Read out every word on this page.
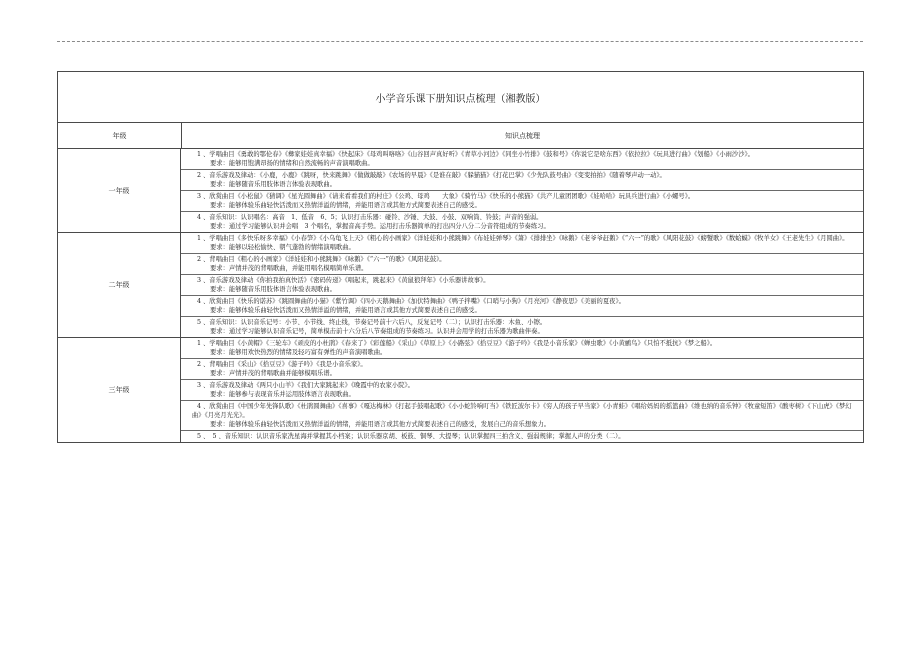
小学音乐课下册知识点梳理（湘教版）
年级	知识点梳理
一年级

1 、学唱曲目《勇敢的鄂伦春》《彝家娃娃真幸福》《快起床》《母鸡叫咯咯》《山谷回声真好听》《青草小河边》《同坐小竹排》《鼓和号》《你说它是啥东西》《依拉拉》《玩具进行曲》《划船》《小雨沙沙》。

要求：能够用饱满昂扬的情绪和自然流畅的声音演唱歌曲。

2 、音乐游戏及律动：《小鹿，小鹿》《跳呀，快来跳舞》《做做敲敲》《农场的早晨》《是谁在敲》《躲猫猫》《打花巴掌》《少先队鼓号曲》《变变拍拍》《随着琴声动一动》。

要求：能够随音乐用肢体语言体验表现歌曲。

3 、欣赏曲目《小松鼠》《猜调》《星光圆舞曲》《请来看看我们的村庄》《公鸡、母鸡　　大象》《骑竹马》《快乐的小熊猫》《共产儿童团团歌》《娃哈哈》玩具兵进行曲》《小螺号》。

要求：能够体验乐曲轻快活泼而又热情洋溢的情绪，并能用语言或其他方式简要表述自己的感受。

4 、音乐知识：认识唱名：高音　1、低音　6、5；认识打击乐器：碰铃、沙锤、大鼓、小鼓、双响筒、铃鼓；声音的强弱。

要求：通过学习能够认识并会唱　3 个唱名，掌握音高手势。运用打击乐器简单的打出四分八分二分音符组成的节奏练习。

二年级

1 、学唱曲目《多快乐呀多幸福》《小春笋》《小乌龟飞上天》《粗心的小画家》《洋娃娃和小熊跳舞》《布娃娃弹琴》《箫》《排排坐》《咏鹅》《老爷爷赶鹅》《“六一”的歌》《风阳花鼓》《螃蟹歌》《数蛤蟆》《牧羊女》《王老先生》《月圆曲》。

要求：能够以轻松愉快、朝气蓬勃的情绪演唱歌曲。

2 、背唱曲目《粗心的小画家》《洋娃娃和小熊跳舞》《咏鹅》《“六一”的歌》《风阳花鼓》。

要求：声情并茂的背唱歌曲，并能用唱名模唱简单乐谱。

3 、音乐游戏及律动《你拍我拍真快活》《密码传递》《唱起来，跳起来》《黄鼠狼拜年》《小乐器讲故事》。

要求：能够随音乐用肢体语言体验表现歌曲。

4 、欣赏曲目《快乐的诺苏》《跳圆舞曲的小猫》《紫竹调》《四小天鹅舞曲》《加伏特舞曲》《鸭子拌嘴》《口哨与小狗》《月亮河》《静夜思》《美丽的夏夜》。

要求：能够体验乐曲轻快活泼而又热情洋溢的情绪，并能用语言或其他方式简要表述自己的感受。

5 、音乐知识：认识音乐记号：小节、小节线、终止线，节奏记号前十六后八，反复记号（二）；认识打击乐器：木鱼、小镲。

要求：通过学习能够认识音乐记号，简单模击前十六分后八节奏组成的节奏练习。认识并会用学的打击乐器为歌曲伴奏。

三年级

1 、学唱曲目《小黄帽》《三轮车》《顽皮的小杜鹃》《春来了》《彩莲船》《采山》《草原上》《小路弦》《拾豆豆》《游子吟》《我是小音乐家》《蝉虫歌》《小黄鹂鸟》《只怕不抵抗》《梦之船》。

要求：能够用欢快热烈的情绪及轻巧富有弹性的声音演唱歌曲。

2 、背唱曲目《采山》《拾豆豆》《游子吟》《我是小音乐家》。

要求：声情并茂的背唱歌曲并能够模唱乐谱。

3 、音乐游戏及律动《两只小山羊》《我们大家跳起来》《晚霞中的农家小院》。

要求：能够参与表现音乐并运用肢体语言表现歌曲。

4 、欣赏曲目《中国少年先锋队歌》《杜鹃圆舞曲》《喜事》《嘎达梅林》《打起手鼓唱起歌》《小小蛇铃响叮当》《铁匠波尔卡》《穷人的孩子早当家》《小青蛙》《唱给妈妈的摇篮曲》《维也纳的音乐钟》《牧童短笛》《酸枣树》《下山虎》《梦幻曲》《月亮月光光》。

要求：能够体验乐曲轻快活泼而又热情洋溢的情绪，并能用语言或其他方式简要表述自己的感受，发展自己的音乐想象力。

5 、　5 、音乐知识：认识音乐家冼星海并掌握其小档案；认识乐器京胡、板鼓、铜琴、大提琴；认识掌握四三拍含义、强弱规律；掌握人声的分类（二）。
